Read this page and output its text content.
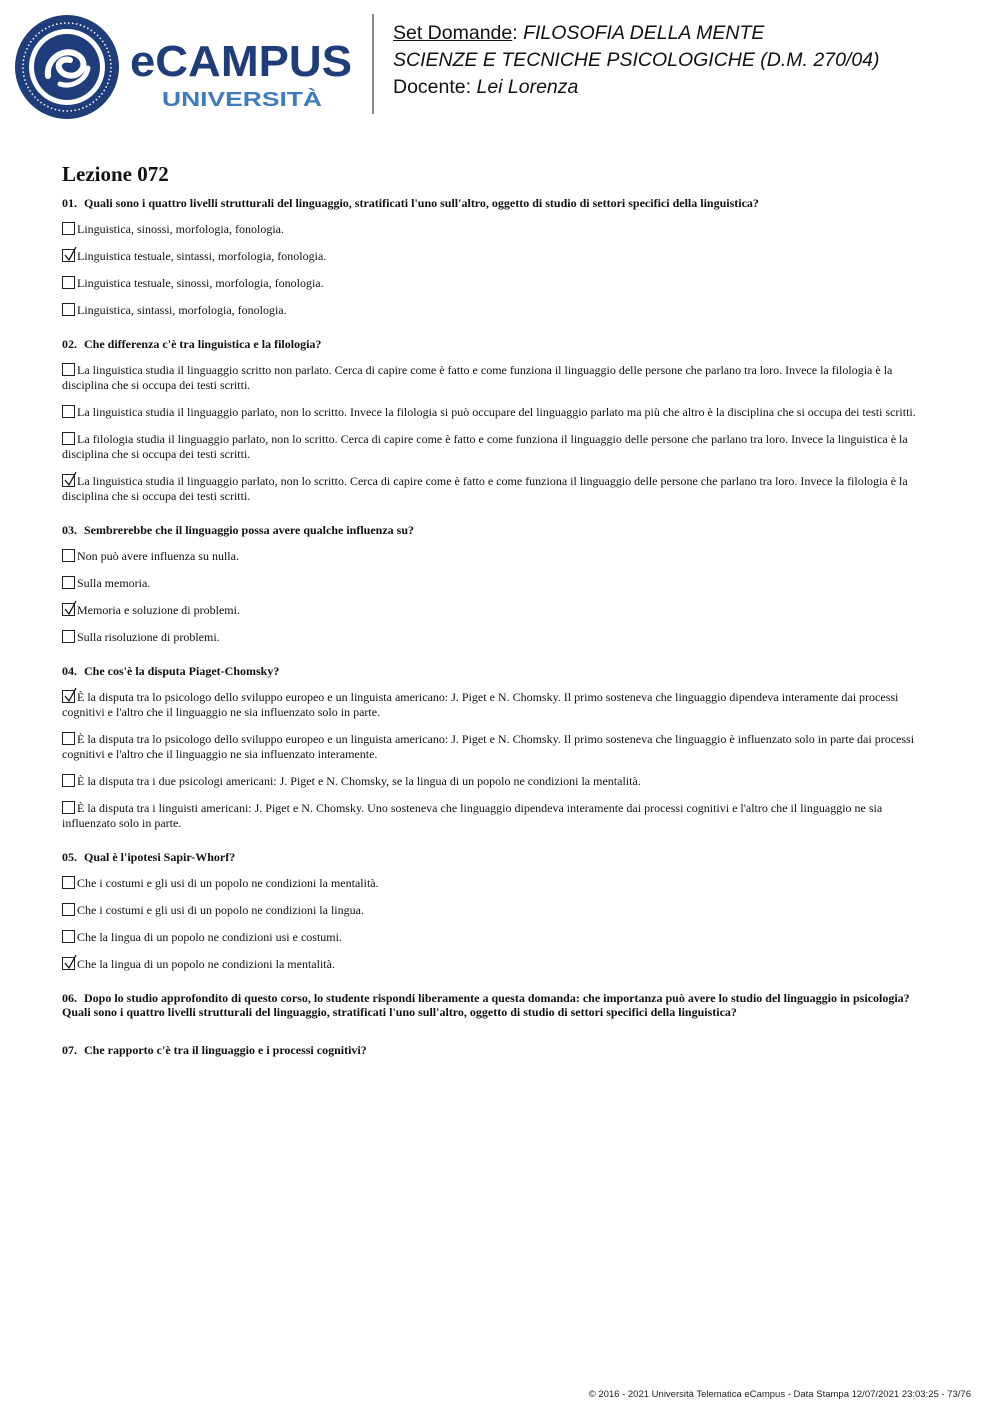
eCAMPUS
UNIVERSITÀ
Set Domande: FILOSOFIA DELLA MENTE
SCIENZE E TECNICHE PSICOLOGICHE (D.M. 270/04)
Docente: Lei Lorenza
Lezione 072
01. Quali sono i quattro livelli strutturali del linguaggio, stratificati l'uno sull'altro, oggetto di studio di settori specifici della linguistica?
Linguistica, sinossi, morfologia, fonologia.
Linguistica testuale, sintassi, morfologia, fonologia.
Linguistica testuale, sinossi, morfologia, fonologia.
Linguistica, sintassi, morfologia, fonologia.
02. Che differenza c'è tra linguistica e la filologia?
La linguistica studia il linguaggio scritto non parlato. Cerca di capire come è fatto e come funziona il linguaggio delle persone che parlano tra loro. Invece la filologia è la disciplina che si occupa dei testi scritti.
La linguistica studia il linguaggio parlato, non lo scritto. Invece la filologia si può occupare del linguaggio parlato ma più che altro è la disciplina che si occupa dei testi scritti.
La filologia studia il linguaggio parlato, non lo scritto. Cerca di capire come è fatto e come funziona il linguaggio delle persone che parlano tra loro. Invece la linguistica è la disciplina che si occupa dei testi scritti.
La linguistica studia il linguaggio parlato, non lo scritto. Cerca di capire come è fatto e come funziona il linguaggio delle persone che parlano tra loro. Invece la filologia è la disciplina che si occupa dei testi scritti.
03. Sembrerebbe che il linguaggio possa avere qualche influenza su?
Non può avere influenza su nulla.
Sulla memoria.
Memoria e soluzione di problemi.
Sulla risoluzione di problemi.
04. Che cos'è la disputa Piaget-Chomsky?
È la disputa tra lo psicologo dello sviluppo europeo e un linguista americano: J. Piget e N. Chomsky. Il primo sosteneva che linguaggio dipendeva interamente dai processi cognitivi e l'altro che il linguaggio ne sia influenzato solo in parte.
È la disputa tra lo psicologo dello sviluppo europeo e un linguista americano: J. Piget e N. Chomsky. Il primo sosteneva che linguaggio è influenzato solo in parte dai processi cognitivi e l'altro che il linguaggio ne sia influenzato interamente.
È la disputa tra i due psicologi americani: J. Piget e N. Chomsky, se la lingua di un popolo ne condizioni la mentalità.
È la disputa tra i linguisti americani: J. Piget e N. Chomsky. Uno sosteneva che linguaggio dipendeva interamente dai processi cognitivi e l'altro che il linguaggio ne sia influenzato solo in parte.
05. Qual è l'ipotesi Sapir-Whorf?
Che i costumi e gli usi di un popolo ne condizioni la mentalità.
Che i costumi e gli usi di un popolo ne condizioni la lingua.
Che la lingua di un popolo ne condizioni usi e costumi.
Che la lingua di un popolo ne condizioni la mentalità.
06. Dopo lo studio approfondito di questo corso, lo studente rispondi liberamente a questa domanda: che importanza può avere lo studio del linguaggio in psicologia? Quali sono i quattro livelli strutturali del linguaggio, stratificati l'uno sull'altro, oggetto di studio di settori specifici della linguistica?
07. Che rapporto c'è tra il linguaggio e i processi cognitivi?
© 2016 - 2021 Università Telematica eCampus - Data Stampa 12/07/2021 23:03:25 - 73/76
